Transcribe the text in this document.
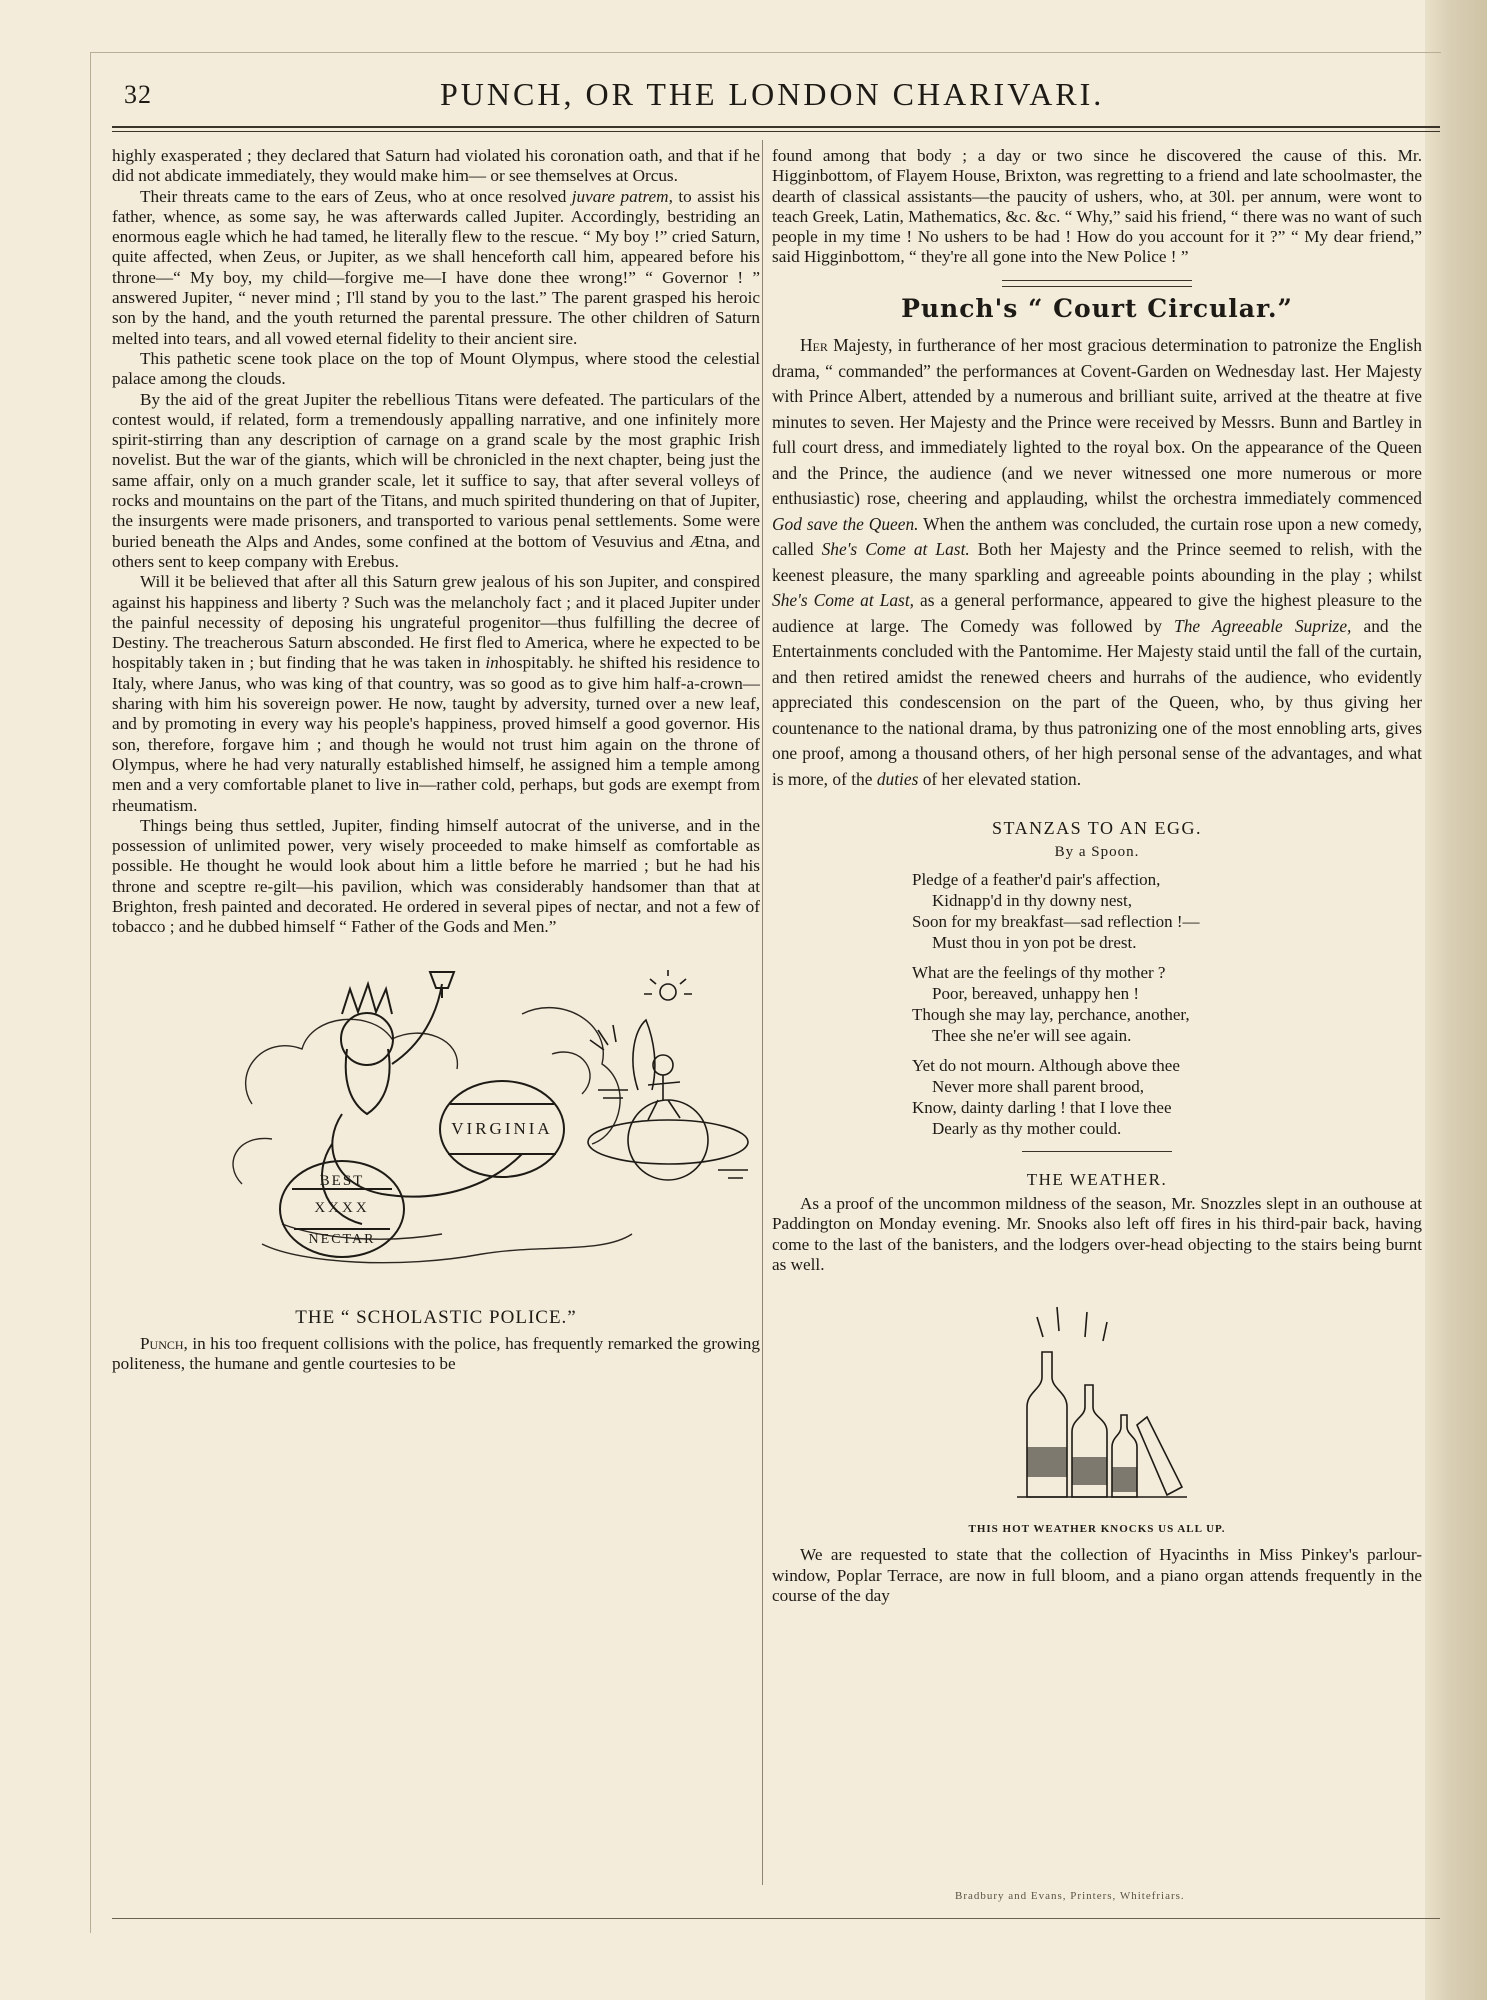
32	PUNCH, OR THE LONDON CHARIVARI.

highly exasperated ; they declared that Saturn had violated his coronation oath, and that if he did not abdicate immediately, they would make him— or see themselves at Orcus.

Their threats came to the ears of Zeus, who at once resolved juvare patrem, to assist his father, whence, as some say, he was afterwards called Jupiter. Accordingly, bestriding an enormous eagle which he had tamed, he literally flew to the rescue. “ My boy !” cried Saturn, quite affected, when Zeus, or Jupiter, as we shall henceforth call him, appeared before his throne—“ My boy, my child—forgive me—I have done thee wrong!” “ Governor ! ” answered Jupiter, “ never mind ; I'll stand by you to the last.” The parent grasped his heroic son by the hand, and the youth returned the parental pressure. The other children of Saturn melted into tears, and all vowed eternal fidelity to their ancient sire.

This pathetic scene took place on the top of Mount Olympus, where stood the celestial palace among the clouds.

By the aid of the great Jupiter the rebellious Titans were defeated. The particulars of the contest would, if related, form a tremendously appalling narrative, and one infinitely more spirit-stirring than any description of carnage on a grand scale by the most graphic Irish novelist. But the war of the giants, which will be chronicled in the next chapter, being just the same affair, only on a much grander scale, let it suffice to say, that after several volleys of rocks and mountains on the part of the Titans, and much spirited thundering on that of Jupiter, the insurgents were made prisoners, and transported to various penal settlements. Some were buried beneath the Alps and Andes, some confined at the bottom of Vesuvius and Ætna, and others sent to keep company with Erebus.

Will it be believed that after all this Saturn grew jealous of his son Jupiter, and conspired against his happiness and liberty ? Such was the melancholy fact ; and it placed Jupiter under the painful necessity of deposing his ungrateful progenitor—thus fulfilling the decree of Destiny. The treacherous Saturn absconded. He first fled to America, where he expected to be hospitably taken in ; but finding that he was taken in inhospitably. he shifted his residence to Italy, where Janus, who was king of that country, was so good as to give him half-a-crown—sharing with him his sovereign power. He now, taught by adversity, turned over a new leaf, and by promoting in every way his people's happiness, proved himself a good governor. His son, therefore, forgave him ; and though he would not trust him again on the throne of Olympus, where he had very naturally established himself, he assigned him a temple among men and a very comfortable planet to live in—rather cold, perhaps, but gods are exempt from rheumatism.

Things being thus settled, Jupiter, finding himself autocrat of the universe, and in the possession of unlimited power, very wisely proceeded to make himself as comfortable as possible. He thought he would look about him a little before he married ; but he had his throne and sceptre re-gilt—his pavilion, which was considerably handsomer than that at Brighton, fresh painted and decorated. He ordered in several pipes of nectar, and not a few of tobacco ; and he dubbed himself “ Father of the Gods and Men.”

VIRGINIA
BEST
XXXX
NECTAR
THE “ SCHOLASTIC POLICE.”

Punch, in his too frequent collisions with the police, has frequently remarked the growing politeness, the humane and gentle courtesies to be

found among that body ; a day or two since he discovered the cause of this. Mr. Higginbottom, of Flayem House, Brixton, was regretting to a friend and late schoolmaster, the dearth of classical assistants—the paucity of ushers, who, at 30l. per annum, were wont to teach Greek, Latin, Mathematics, &c. &c. “ Why,” said his friend, “ there was no want of such people in my time ! No ushers to be had ! How do you account for it ?” “ My dear friend,” said Higginbottom, “ they're all gone into the New Police ! ”

Punch's “ Court Circular.”

Her Majesty, in furtherance of her most gracious determination to patronize the English drama, “ commanded” the performances at Covent-Garden on Wednesday last. Her Majesty with Prince Albert, attended by a numerous and brilliant suite, arrived at the theatre at five minutes to seven. Her Majesty and the Prince were received by Messrs. Bunn and Bartley in full court dress, and immediately lighted to the royal box. On the appearance of the Queen and the Prince, the audience (and we never witnessed one more numerous or more enthusiastic) rose, cheering and applauding, whilst the orchestra immediately commenced God save the Queen. When the anthem was concluded, the curtain rose upon a new comedy, called She's Come at Last. Both her Majesty and the Prince seemed to relish, with the keenest pleasure, the many sparkling and agreeable points abounding in the play ; whilst She's Come at Last, as a general performance, appeared to give the highest pleasure to the audience at large. The Comedy was followed by The Agreeable Suprize, and the Entertainments concluded with the Pantomime. Her Majesty staid until the fall of the curtain, and then retired amidst the renewed cheers and hurrahs of the audience, who evidently appreciated this condescension on the part of the Queen, who, by thus giving her countenance to the national drama, by thus patronizing one of the most ennobling arts, gives one proof, among a thousand others, of her high personal sense of the advantages, and what is more, of the duties of her elevated station.

STANZAS TO AN EGG.
By a Spoon.
Pledge of a feather'd pair's affection,
Kidnapp'd in thy downy nest,
Soon for my breakfast—sad reflection !—
Must thou in yon pot be drest.
What are the feelings of thy mother ?
Poor, bereaved, unhappy hen !
Though she may lay, perchance, another,
Thee she ne'er will see again.
Yet do not mourn. Although above thee
Never more shall parent brood,
Know, dainty darling ! that I love thee
Dearly as thy mother could.
THE WEATHER.

As a proof of the uncommon mildness of the season, Mr. Snozzles slept in an outhouse at Paddington on Monday evening. Mr. Snooks also left off fires in his third-pair back, having come to the last of the banisters, and the lodgers over-head objecting to the stairs being burnt as well.

THIS HOT WEATHER KNOCKS US ALL UP.

We are requested to state that the collection of Hyacinths in Miss Pinkey's parlour-window, Poplar Terrace, are now in full bloom, and a piano organ attends frequently in the course of the day

Bradbury and Evans, Printers, Whitefriars.
